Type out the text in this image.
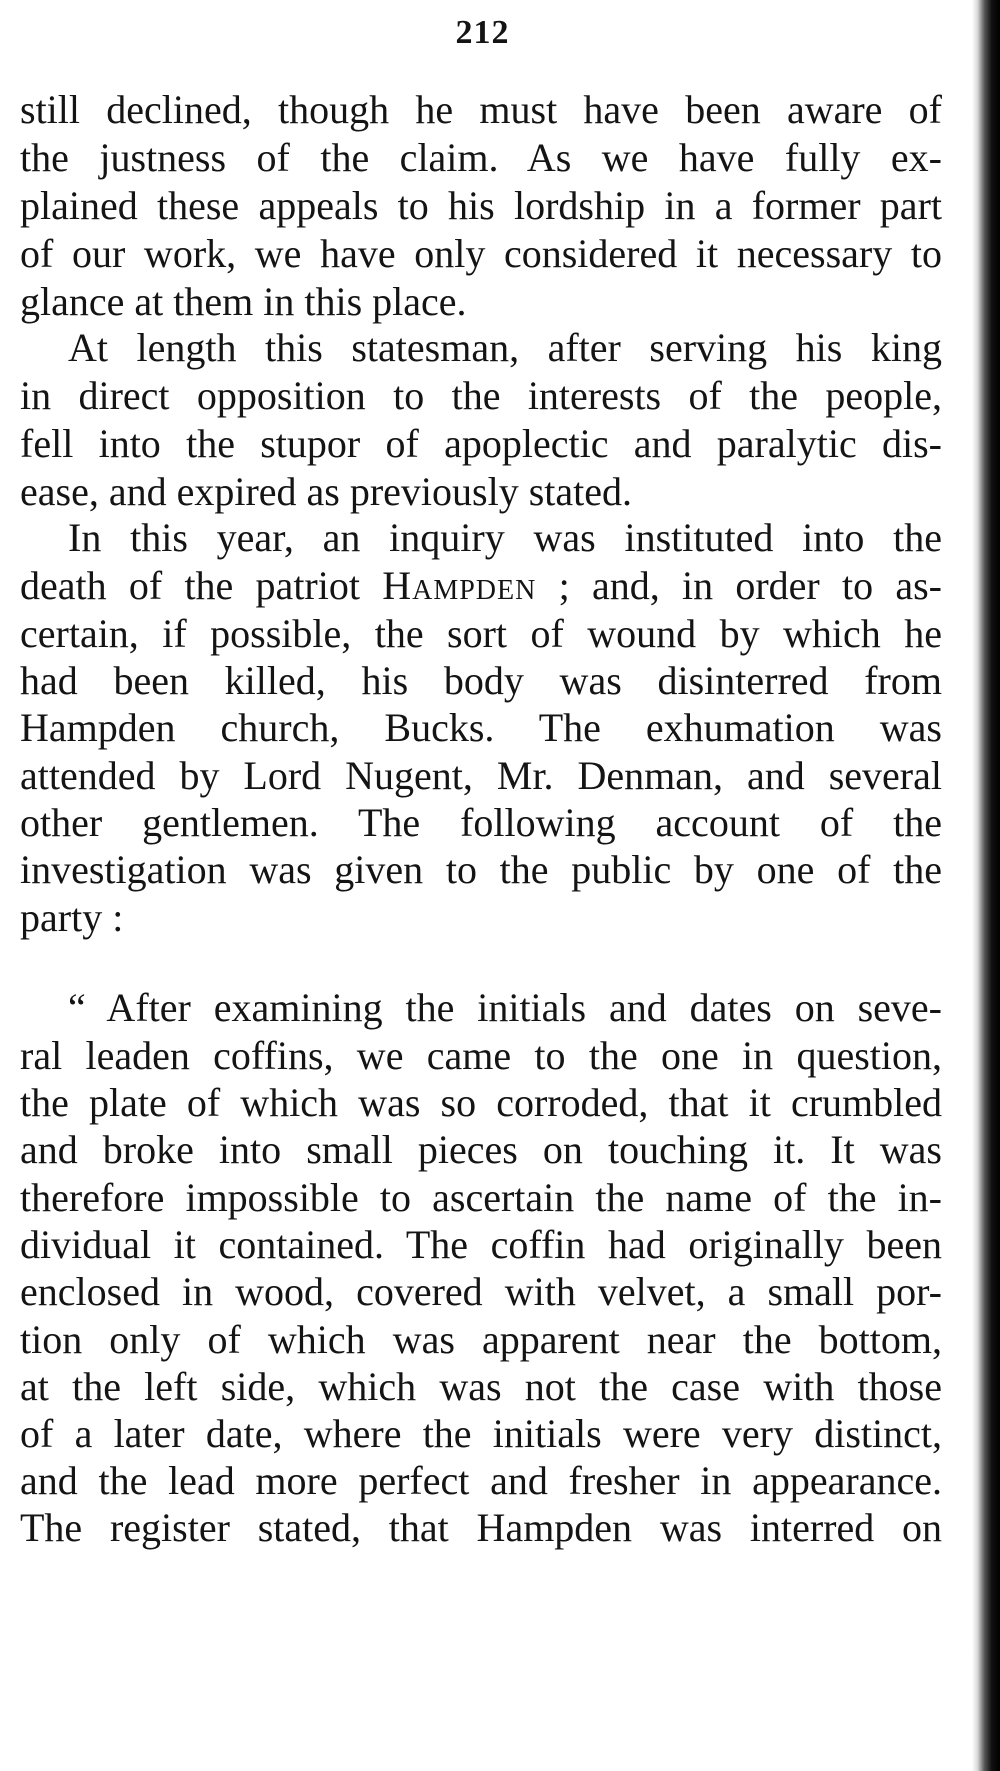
212
still declined, though he must have been aware of
the justness of the claim. As we have fully ex-
plained these appeals to his lordship in a former part
of our work, we have only considered it necessary to
glance at them in this place.
At length this statesman, after serving his king
in direct opposition to the interests of the people,
fell into the stupor of apoplectic and paralytic dis-
ease, and expired as previously stated.
In this year, an inquiry was instituted into the
death of the patriot Hampden ; and, in order to as-
certain, if possible, the sort of wound by which he
had been killed, his body was disinterred from
Hampden church, Bucks. The exhumation was
attended by Lord Nugent, Mr. Denman, and several
other gentlemen. The following account of the
investigation was given to the public by one of the
party :
“ After examining the initials and dates on seve-
ral leaden coffins, we came to the one in question,
the plate of which was so corroded, that it crumbled
and broke into small pieces on touching it. It was
therefore impossible to ascertain the name of the in-
dividual it contained. The coffin had originally been
enclosed in wood, covered with velvet, a small por-
tion only of which was apparent near the bottom,
at the left side, which was not the case with those
of a later date, where the initials were very distinct,
and the lead more perfect and fresher in appearance.
The register stated, that Hampden was interred on
